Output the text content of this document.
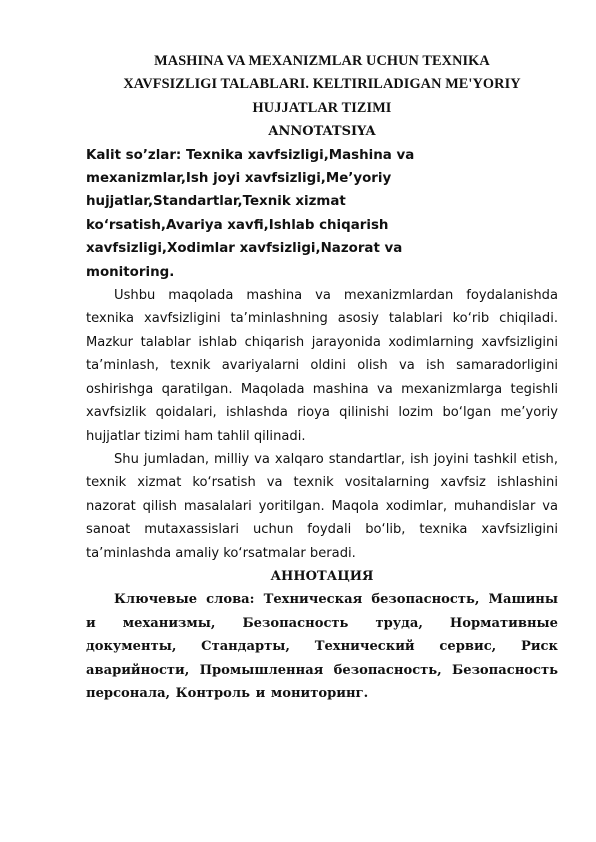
MASHINA VA MEXANIZMLAR UCHUN TEXNIKA
XAVFSIZLIGI TALABLARI. KELTIRILADIGAN ME'YORIY
HUJJATLAR TIZIMI
ANNOTATSIYA

Kalit so’zlar: Texnika xavfsizligi,Mashina va mexanizmlar,Ish joyi xavfsizligi,Me’yoriy hujjatlar,Standartlar,Texnik xizmat ko‘rsatish,Avariya xavfi,Ishlab chiqarish xavfsizligi,Xodimlar xavfsizligi,Nazorat va monitoring.

Ushbu maqolada mashina va mexanizmlardan foydalanishda texnika xavfsizligini ta’minlashning asosiy talablari ko‘rib chiqiladi. Mazkur talablar ishlab chiqarish jarayonida xodimlarning xavfsizligini ta’minlash, texnik avariyalarni oldini olish va ish samaradorligini oshirishga qaratilgan. Maqolada mashina va mexanizmlarga tegishli xavfsizlik qoidalari, ishlashda rioya qilinishi lozim bo‘lgan me’yoriy hujjatlar tizimi ham tahlil qilinadi.

Shu jumladan, milliy va xalqaro standartlar, ish joyini tashkil etish, texnik xizmat ko‘rsatish va texnik vositalarning xavfsiz ishlashini nazorat qilish masalalari yoritilgan. Maqola xodimlar, muhandislar va sanoat mutaxassislari uchun foydali bo‘lib, texnika xavfsizligini ta’minlashda amaliy ko‘rsatmalar beradi.

АННОТАЦИЯ

Ключевые слова: Техническая безопасность, Машины и механизмы, Безопасность труда, Нормативные документы, Стандарты, Технический сервис, Риск аварийности, Промышленная безопасность, Безопасность персонала, Контроль и мониторинг.
